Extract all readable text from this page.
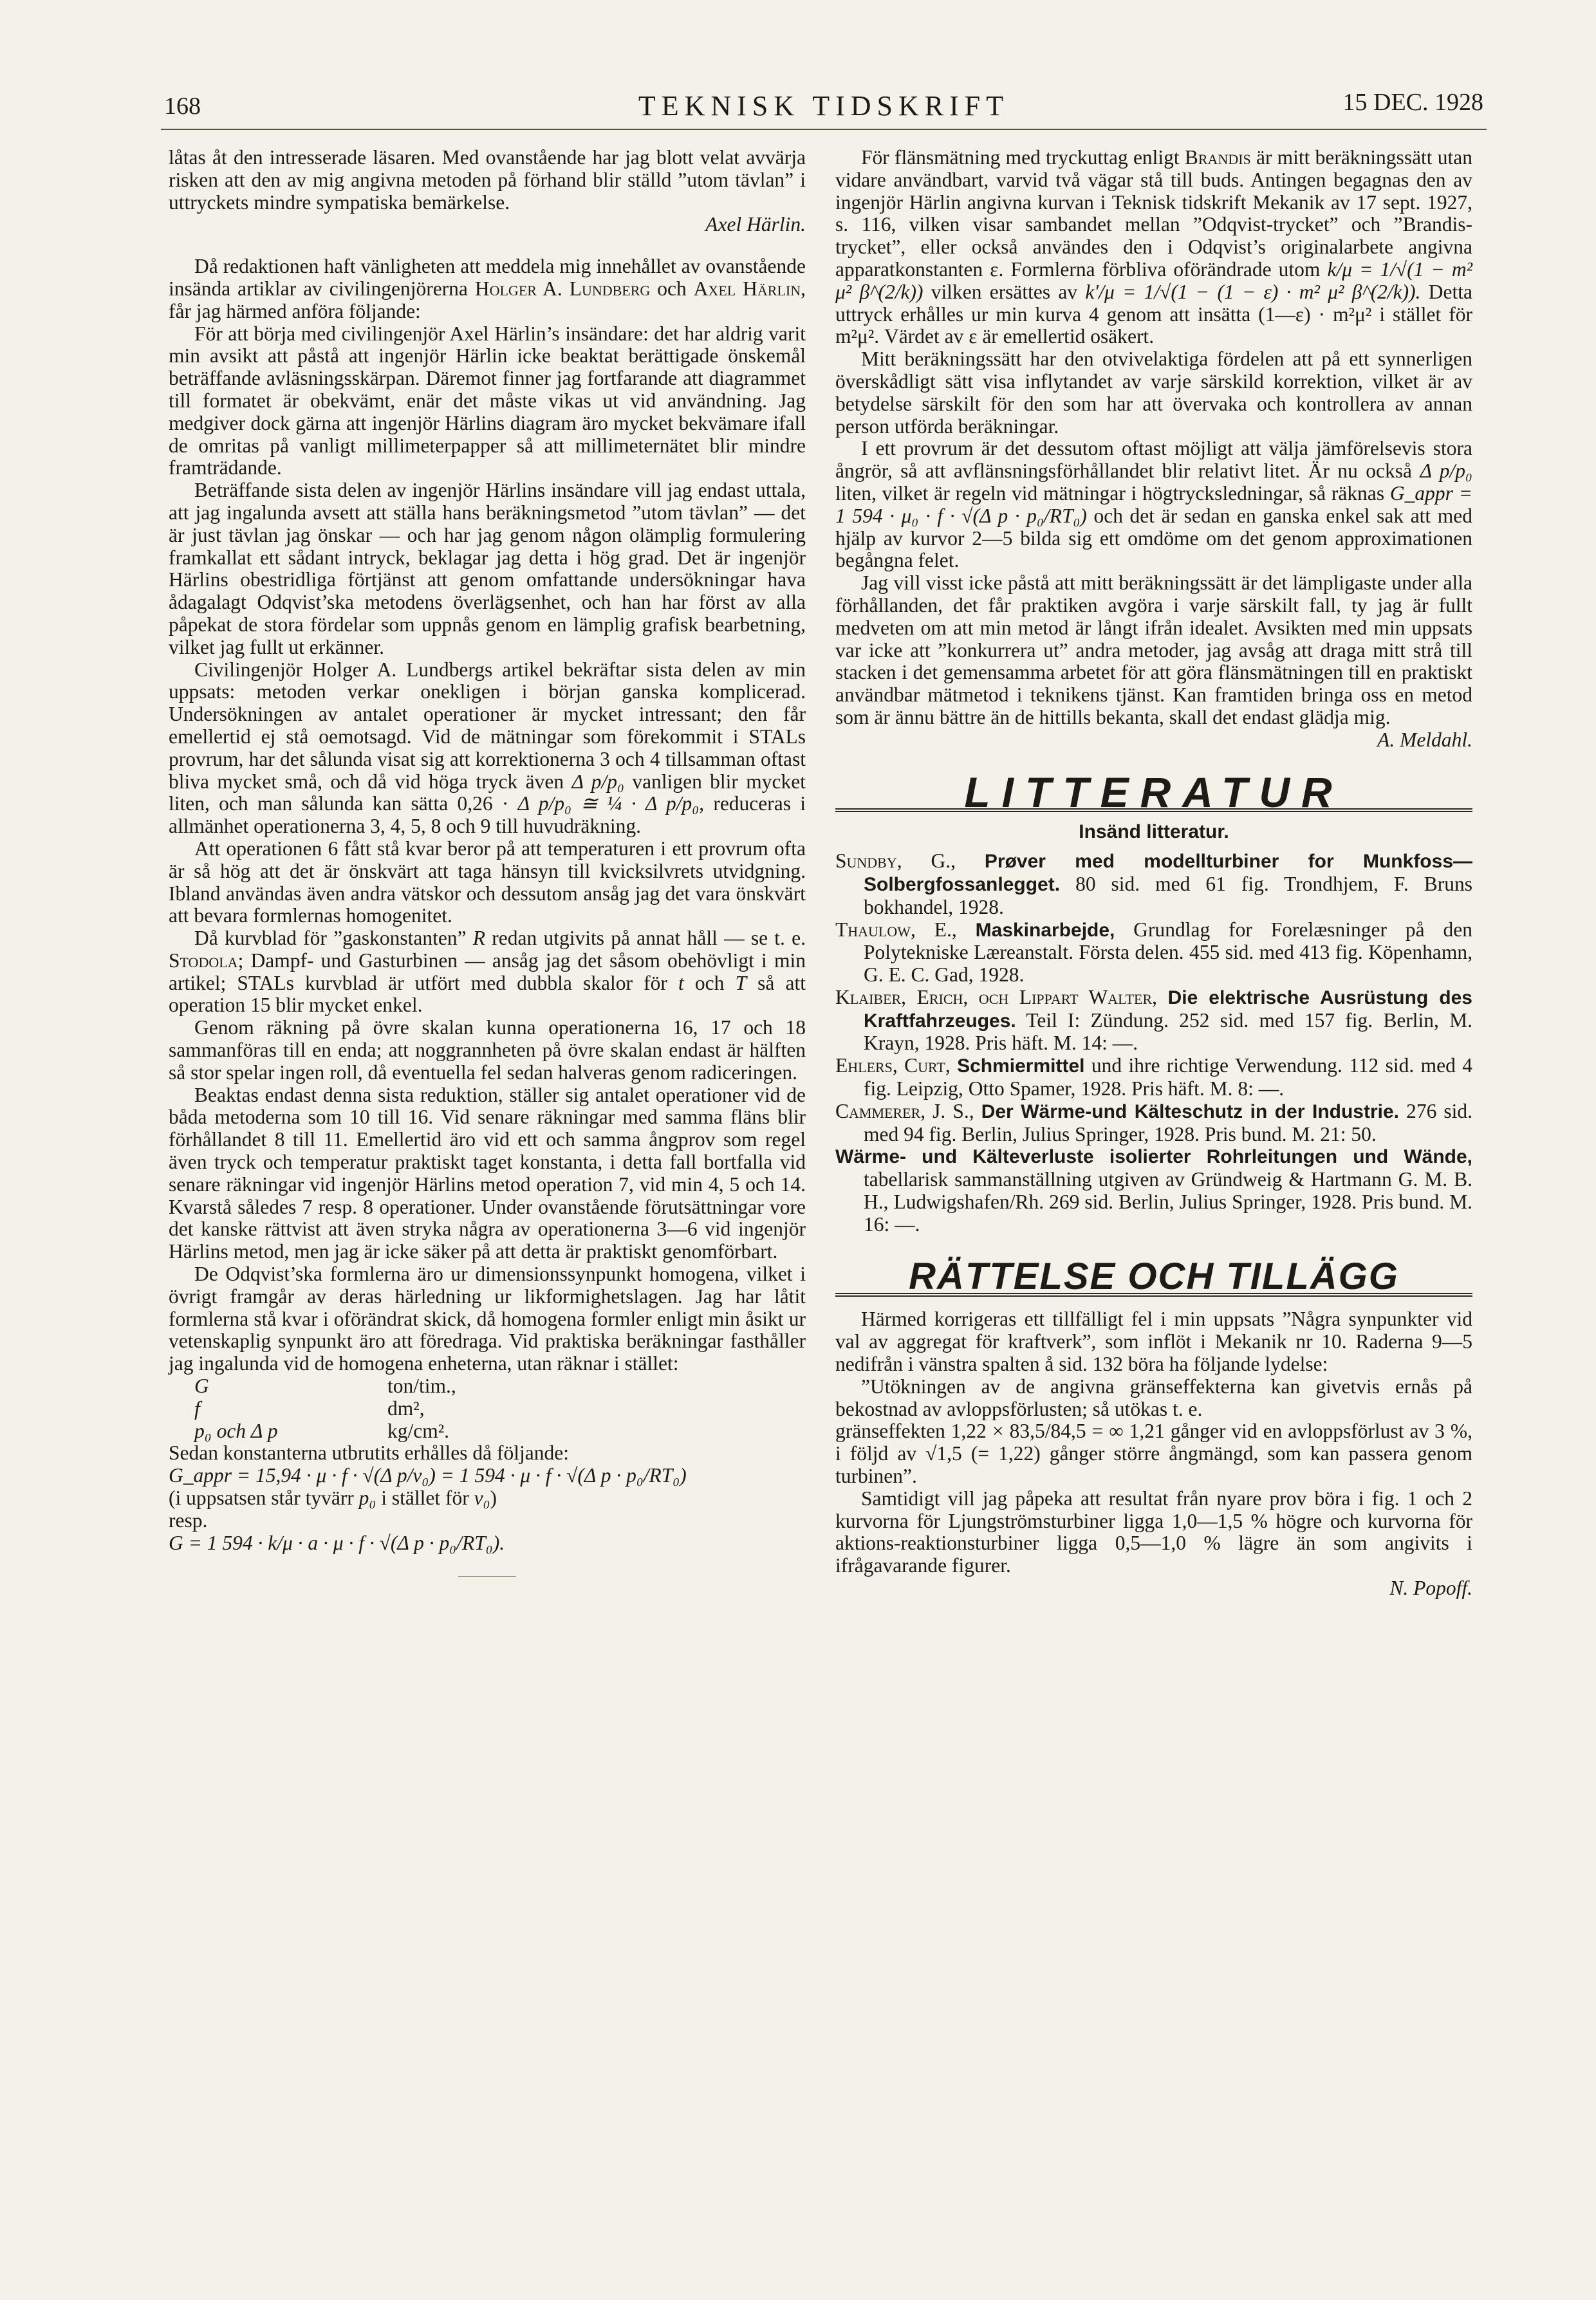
168	TEKNISK TIDSKRIFT	15 DEC. 1928

låtas åt den intresserade läsaren. Med ovanstående har jag blott velat avvärja risken att den av mig angivna metoden på förhand blir ställd ”utom tävlan” i uttryckets mindre sympatiska bemärkelse.

Axel Härlin.

Då redaktionen haft vänligheten att meddela mig innehållet av ovanstående insända artiklar av civilingenjörerna Holger A. Lundberg och Axel Härlin, får jag härmed anföra följande:

För att börja med civilingenjör Axel Härlin’s insändare: det har aldrig varit min avsikt att påstå att ingenjör Härlin icke beaktat berättigade önskemål beträffande avläsningsskärpan. Däremot finner jag fortfarande att diagrammet till formatet är obekvämt, enär det måste vikas ut vid användning. Jag medgiver dock gärna att ingenjör Härlins diagram äro mycket bekvämare ifall de omritas på vanligt millimeterpapper så att millimeternätet blir mindre framträdande.

Beträffande sista delen av ingenjör Härlins insändare vill jag endast uttala, att jag ingalunda avsett att ställa hans beräkningsmetod ”utom tävlan” — det är just tävlan jag önskar — och har jag genom någon olämplig formulering framkallat ett sådant intryck, beklagar jag detta i hög grad. Det är ingenjör Härlins obestridliga förtjänst att genom omfattande undersökningar hava ådagalagt Odqvist’ska metodens överlägsenhet, och han har först av alla påpekat de stora fördelar som uppnås genom en lämplig grafisk bearbetning, vilket jag fullt ut erkänner.

Civilingenjör Holger A. Lundbergs artikel bekräftar sista delen av min uppsats: metoden verkar onekligen i början ganska komplicerad. Undersökningen av antalet operationer är mycket intressant; den får emellertid ej stå oemotsagd. Vid de mätningar som förekommit i STALs provrum, har det sålunda visat sig att korrektionerna 3 och 4 tillsamman oftast bliva mycket små, och då vid höga tryck även Δ p/p₀ vanligen blir mycket liten, och man sålunda kan sätta 0,26 · Δ p/p₀ ≅ ¼ · Δ p/p₀, reduceras i allmänhet operationerna 3, 4, 5, 8 och 9 till huvudräkning.

Att operationen 6 fått stå kvar beror på att temperaturen i ett provrum ofta är så hög att det är önskvärt att taga hänsyn till kvicksilvrets utvidgning. Ibland användas även andra vätskor och dessutom ansåg jag det vara önskvärt att bevara formlernas homogenitet.

Då kurvblad för ”gaskonstanten” R redan utgivits på annat håll — se t. e. Stodola; Dampf- und Gasturbinen — ansåg jag det såsom obehövligt i min artikel; STALs kurvblad är utfört med dubbla skalor för t och T så att operation 15 blir mycket enkel.

Genom räkning på övre skalan kunna operationerna 16, 17 och 18 sammanföras till en enda; att noggrannheten på övre skalan endast är hälften så stor spelar ingen roll, då eventuella fel sedan halveras genom radiceringen.

Beaktas endast denna sista reduktion, ställer sig antalet operationer vid de båda metoderna som 10 till 16. Vid senare räkningar med samma fläns blir förhållandet 8 till 11. Emellertid äro vid ett och samma ångprov som regel även tryck och temperatur praktiskt taget konstanta, i detta fall bortfalla vid senare räkningar vid ingenjör Härlins metod operation 7, vid min 4, 5 och 14. Kvarstå således 7 resp. 8 operationer. Under ovanstående förutsättningar vore det kanske rättvist att även stryka några av operationerna 3—6 vid ingenjör Härlins metod, men jag är icke säker på att detta är praktiskt genomförbart.

De Odqvist’ska formlerna äro ur dimensionssynpunkt homogena, vilket i övrigt framgår av deras härledning ur likformighetslagen. Jag har låtit formlerna stå kvar i oförändrat skick, då homogena formler enligt min åsikt ur vetenskaplig synpunkt äro att föredraga. Vid praktiska beräkningar fasthåller jag ingalunda vid de homogena enheterna, utan räknar i stället:

G	ton/tim.,
f	dm²,
p₀ och Δ p	kg/cm².

Sedan konstanterna utbrutits erhålles då följande:

G_appr = 15,94 · μ · f · √(Δ p/v₀) = 1 594 · μ · f · √(Δ p · p₀/RT₀)

(i uppsatsen står tyvärr p₀ i stället för v₀)

resp.

G = 1 594 · k/μ · a · μ · f · √(Δ p · p₀/RT₀).

För flänsmätning med tryckuttag enligt Brandis är mitt beräkningssätt utan vidare användbart, varvid två vägar stå till buds. Antingen begagnas den av ingenjör Härlin angivna kurvan i Teknisk tidskrift Mekanik av 17 sept. 1927, s. 116, vilken visar sambandet mellan ”Odqvist-trycket” och ”Brandis-trycket”, eller också användes den i Odqvist’s originalarbete angivna apparatkonstanten ε. Formlerna förbliva oförändrade utom k/μ = 1/√(1 − m² μ² β^(2/k)) vilken ersättes av k′/μ = 1/√(1 − (1 − ε) · m² μ² β^(2/k)). Detta uttryck erhålles ur min kurva 4 genom att insätta (1—ε) · m²μ² i stället för m²μ². Värdet av ε är emellertid osäkert.

Mitt beräkningssätt har den otvivelaktiga fördelen att på ett synnerligen överskådligt sätt visa inflytandet av varje särskild korrektion, vilket är av betydelse särskilt för den som har att övervaka och kontrollera av annan person utförda beräkningar.

I ett provrum är det dessutom oftast möjligt att välja jämförelsevis stora ångrör, så att avflänsningsförhållandet blir relativt litet. Är nu också Δ p/p₀ liten, vilket är regeln vid mätningar i högtrycksledningar, så räknas G_appr = 1 594 · μ₀ · f · √(Δ p · p₀/RT₀) och det är sedan en ganska enkel sak att med hjälp av kurvor 2—5 bilda sig ett omdöme om det genom approximationen begångna felet.

Jag vill visst icke påstå att mitt beräkningssätt är det lämpligaste under alla förhållanden, det får praktiken avgöra i varje särskilt fall, ty jag är fullt medveten om att min metod är långt ifrån idealet. Avsikten med min uppsats var icke att ”konkurrera ut” andra metoder, jag avsåg att draga mitt strå till stacken i det gemensamma arbetet för att göra flänsmätningen till en praktiskt användbar mätmetod i teknikens tjänst. Kan framtiden bringa oss en metod som är ännu bättre än de hittills bekanta, skall det endast glädja mig.

A. Meldahl.

LITTERATUR
Insänd litteratur.

Sundby, G., Prøver med modellturbiner for Munkfoss—Solbergfossanlegget. 80 sid. med 61 fig. Trondhjem, F. Bruns bokhandel, 1928.

Thaulow, E., Maskinarbejde, Grundlag for Forelæsninger på den Polytekniske Læreanstalt. Första delen. 455 sid. med 413 fig. Köpenhamn, G. E. C. Gad, 1928.

Klaiber, Erich, och Lippart Walter, Die elektrische Ausrüstung des Kraftfahrzeuges. Teil I: Zündung. 252 sid. med 157 fig. Berlin, M. Krayn, 1928. Pris häft. M. 14: —.

Ehlers, Curt, Schmiermittel und ihre richtige Verwendung. 112 sid. med 4 fig. Leipzig, Otto Spamer, 1928. Pris häft. M. 8: —.

Cammerer, J. S., Der Wärme-und Kälteschutz in der Industrie. 276 sid. med 94 fig. Berlin, Julius Springer, 1928. Pris bund. M. 21: 50.

Wärme- und Kälteverluste isolierter Rohrleitungen und Wände, tabellarisk sammanställning utgiven av Gründweig & Hartmann G. M. B. H., Ludwigshafen/Rh. 269 sid. Berlin, Julius Springer, 1928. Pris bund. M. 16: —.

RÄTTELSE OCH TILLÄGG

Härmed korrigeras ett tillfälligt fel i min uppsats ”Några synpunkter vid val av aggregat för kraftverk”, som inflöt i Mekanik nr 10. Raderna 9—5 nedifrån i vänstra spalten å sid. 132 böra ha följande lydelse:

”Utökningen av de angivna gränseffekterna kan givetvis ernås på bekostnad av avloppsförlusten; så utökas t. e.

gränseffekten 1,22 × 83,5/84,5 = ∞ 1,21 gånger vid en avloppsförlust av 3 %, i följd av √1,5 (= 1,22) gånger större ångmängd, som kan passera genom turbinen”.

Samtidigt vill jag påpeka att resultat från nyare prov böra i fig. 1 och 2 kurvorna för Ljungströmsturbiner ligga 1,0—1,5 % högre och kurvorna för aktions-reaktionsturbiner ligga 0,5—1,0 % lägre än som angivits i ifrågavarande figurer.

N. Popoff.
